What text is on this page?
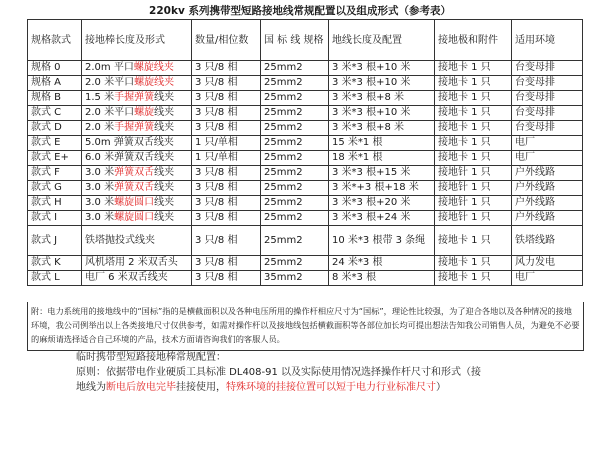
220kv 系列携带型短路接地线常规配置以及组成形式（参考表）
规格款式	接地棒长度及形式	数量/相位数	国 标 线 规格	地线长度及配置	接地极和附件	适用环境
规格 0	2.0m 平口螺旋线夹	3 只/8 相	25mm2	3 米*3 根+10 米	接地卡 1 只	台变母排
规格 A	2.0 米平口螺旋线夹	3 只/8 相	25mm2	3 米*3 根+10 米	接地卡 1 只	台变母排
规格 B	1.5 米手握弹簧线夹	3 只/8 相	25mm2	3 米*3 根+8 米	接地卡 1 只	台变母排
款式 C	2.0 米平口螺旋线夹	3 只/8 相	25mm2	3 米*3 根+10 米	接地卡 1 只	台变母排
款式 D	2.0 米手握弹簧线夹	3 只/8 相	25mm2	3 米*3 根+8 米	接地卡 1 只	台变母排
款式 E	5.0m 弹簧双舌线夹	1 只/单相	25mm2	15 米*1 根	接地卡 1 只	电厂
款式 E+	6.0 米弹簧双舌线夹	1 只/单相	25mm2	18 米*1 根	接地卡 1 只	电厂
款式 F	3.0 米弹簧双舌线夹	3 只/8 相	25mm2	3 米*3 根+15 米	接地针 1 只	户外线路
款式 G	3.0 米弹簧双舌线夹	3 只/8 相	25mm2	3 米*+3 根+18 米	接地针 1 只	户外线路
款式 H	3.0 米螺旋圆口线夹	3 只/8 相	25mm2	3 米*3 根+20 米	接地针 1 只	户外线路
款式 I	3.0 米螺旋圆口线夹	3 只/8 相	25mm2	3 米*3 根+24 米	接地针 1 只	户外线路
款式 J	铁塔抛投式线夹	3 只/8 相	25mm2	10 米*3 根带 3 条绳	接地卡 1 只	铁塔线路
款式 K	风机塔用 2 米双舌头	3 只/8 相	25mm2	24 米*3 根	接地卡 1 只	风力发电
款式 L	电厂 6 米双舌线夹	3 只/8 相	35mm2	8 米*3 根	接地卡 1 只	电厂
附：电力系统用的接地线中的“国标”指的是横截面积以及各种电压所用的操作杆相应尺寸为“国标”，理论性比较强，为了迎合各地以及各种情况的接地环境，我公司例举出以上各类接地尺寸仅供参考，如需对操作杆以及接地线包括横截面积等各部位加长均可提出想法告知我公司销售人员，为避免不必要的麻烦请选择适合自己环境的产品，技术方面请咨询我们的客服人员。
临时携带型短路接地棒常规配置：
原则：依据带电作业硬质工具标准 DL408-91 以及实际使用情况选择操作杆尺寸和形式（接
地线为断电后放电完毕挂接使用，特殊环境的挂接位置可以短于电力行业标准尺寸）
